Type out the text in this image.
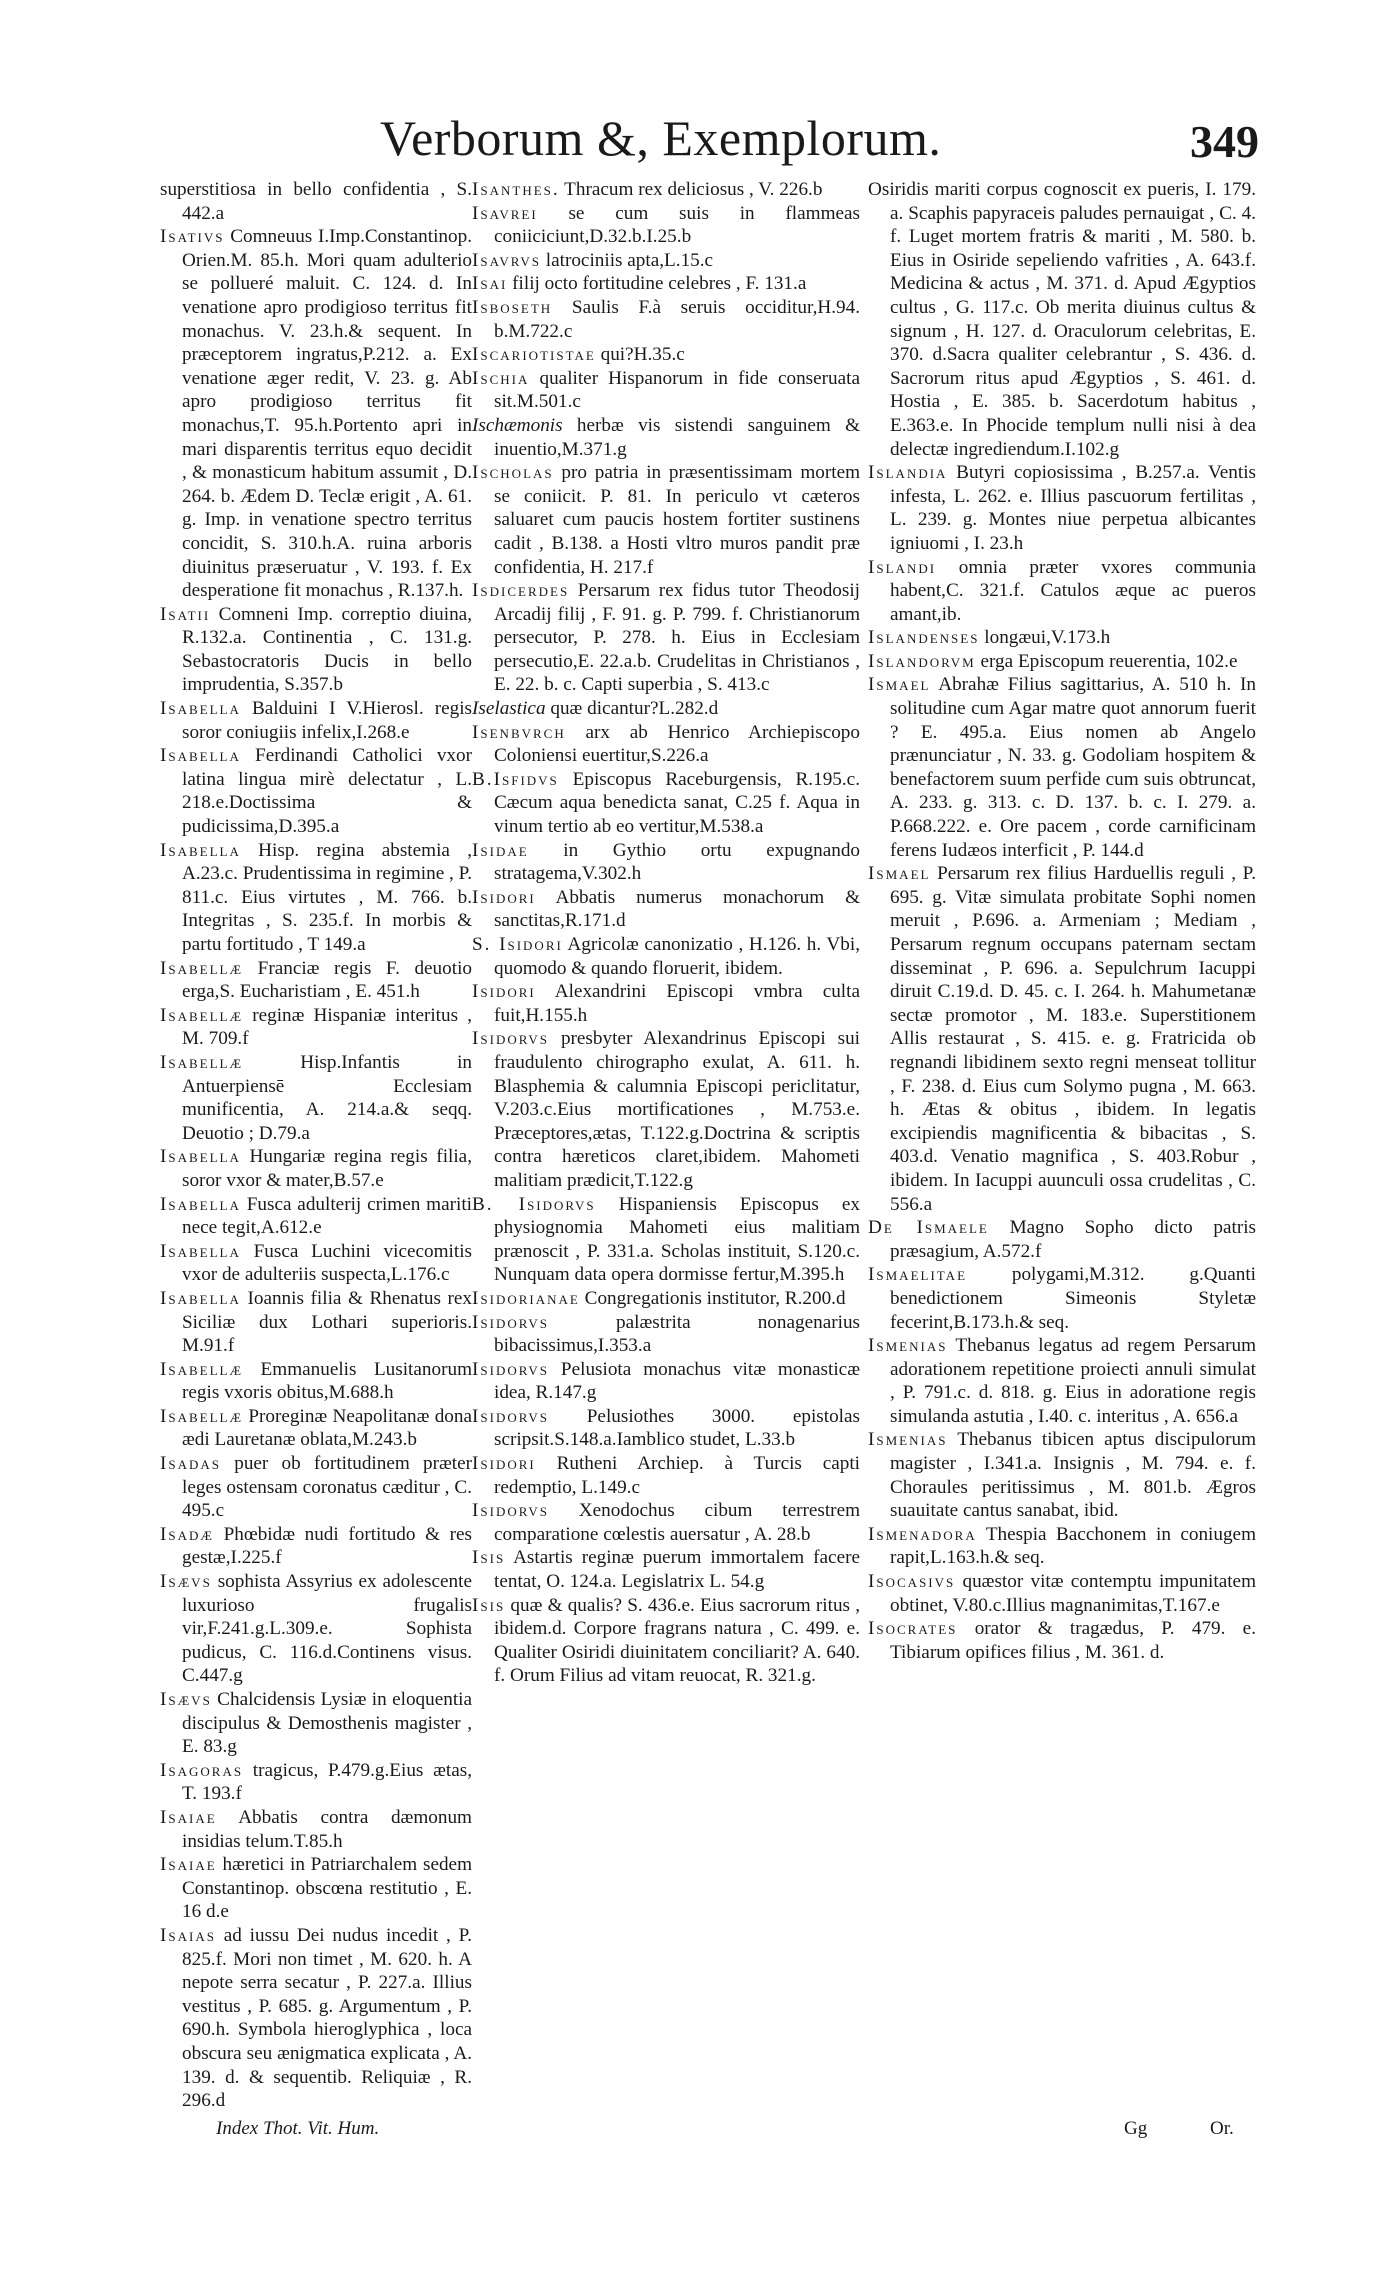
Verborum &, Exemplorum.	349

superstitiosa in bello confidentia , S. 442.a

Isativs Comneuus I.Imp.Constantinop. Orien.M. 85.h. Mori quam adulterio se pollueré maluit. C. 124. d. In venatione apro prodigioso territus fit monachus. V. 23.h.& sequent. In præceptorem ingratus,P.212. a. Ex venatione æger redit, V. 23. g. Ab apro prodigioso territus fit monachus,T. 95.h.Portento apri in mari disparentis territus equo decidit , & monasticum habitum assumit , D. 264. b. Ædem D. Teclæ erigit , A. 61. g. Imp. in venatione spectro territus concidit, S. 310.h.A. ruina arboris diuinitus præseruatur , V. 193. f. Ex desperatione fit monachus , R.137.h.

Isatii Comneni Imp. correptio diuina, R.132.a. Continentia , C. 131.g. Sebastocratoris Ducis in bello imprudentia, S.357.b

Isabella Balduini I V.Hierosl. regis soror coniugiis infelix,I.268.e

Isabella Ferdinandi Catholici vxor latina lingua mirè delectatur , L. 218.e.Doctissima & pudicissima,D.395.a

Isabella Hisp. regina abstemia , A.23.c. Prudentissima in regimine , P. 811.c. Eius virtutes , M. 766. b. Integritas , S. 235.f. In morbis & partu fortitudo , T 149.a

Isabellæ Franciæ regis F. deuotio erga,S. Eucharistiam , E. 451.h

Isabellæ reginæ Hispaniæ interitus , M. 709.f

Isabellæ	Hisp.Infantis in Antuerpiensē Ecclesiam munificentia, A. 214.a.& seqq. Deuotio ; D.79.a

Isabella Hungariæ regina regis filia, soror vxor & mater,B.57.e

Isabella Fusca adulterij crimen mariti nece tegit,A.612.e

Isabella Fusca Luchini vicecomitis vxor de adulteriis suspecta,L.176.c

Isabella Ioannis filia & Rhenatus rex Siciliæ dux Lothari superioris. M.91.f

Isabellæ Emmanuelis Lusitanorum regis vxoris obitus,M.688.h

Isabellæ Proreginæ Neapolitanæ dona ædi Lauretanæ oblata,M.243.b

Isadas puer ob fortitudinem præter leges ostensam coronatus cæditur , C. 495.c

Isadæ Phœbidæ nudi fortitudo & res gestæ,I.225.f

Isævs sophista Assyrius ex adolescente luxurioso frugalis vir,F.241.g.L.309.e. Sophista pudicus, C. 116.d.Continens visus. C.447.g

Isævs Chalcidensis Lysiæ in eloquentia discipulus & Demosthenis magister , E. 83.g

Isagoras tragicus, P.479.g.Eius ætas, T. 193.f

Isaiae Abbatis contra dæmonum insidias telum.T.85.h

Isaiae hæretici in Patriarchalem sedem Constantinop. obscœna restitutio , E. 16 d.e

Isaias ad iussu Dei nudus incedit , P. 825.f. Mori non timet , M. 620. h. A nepote serra secatur , P. 227.a. Illius vestitus , P. 685. g. Argumentum , P. 690.h. Symbola hieroglyphica , loca obscura seu ænigmatica explicata , A. 139. d. & sequentib. Reliquiæ , R. 296.d

Isanthes. Thracum rex deliciosus , V. 226.b

Isavrei se cum suis in flammeas coniiciciunt,D.32.b.I.25.b

Isavrvs latrociniis apta,L.15.c

Isai filij octo fortitudine celebres , F. 131.a

Isboseth Saulis F.à seruis occiditur,H.94. b.M.722.c

Iscariotistae qui?H.35.c

Ischia qualiter Hispanorum in fide conseruata sit.M.501.c

Ischæmonis herbæ vis sistendi sanguinem & inuentio,M.371.g

Ischolas pro patria in præsentissimam mortem se coniicit. P. 81. In periculo vt cæteros saluaret cum paucis hostem fortiter sustinens cadit , B.138. a Hosti vltro muros pandit præ confidentia, H. 217.f

Isdicerdes Persarum rex fidus tutor Theodosij Arcadij filij , F. 91. g. P. 799. f. Christianorum persecutor, P. 278. h. Eius in Ecclesiam persecutio,E. 22.a.b. Crudelitas in Christianos , E. 22. b. c. Capti superbia , S. 413.c

Iselastica quæ dicantur?L.282.d

Isenbvrch arx ab Henrico Archiepiscopo Coloniensi euertitur,S.226.a

B.Isfidvs Episcopus Raceburgensis, R.195.c. Cæcum aqua benedicta sanat, C.25 f. Aqua in vinum tertio ab eo vertitur,M.538.a

Isidae in Gythio ortu expugnando stratagema,V.302.h

Isidori Abbatis numerus monachorum & sanctitas,R.171.d

S. Isidori Agricolæ canonizatio , H.126. h. Vbi, quomodo & quando floruerit, ibidem.

Isidori Alexandrini Episcopi vmbra culta fuit,H.155.h

Isidorvs presbyter Alexandrinus Episcopi sui fraudulento chirographo exulat, A. 611. h. Blasphemia & calumnia Episcopi periclitatur, V.203.c.Eius mortificationes , M.753.e. Præceptores,ætas, T.122.g.Doctrina & scriptis contra hæreticos claret,ibidem. Mahometi malitiam prædicit,T.122.g

B. Isidorvs Hispaniensis Episcopus ex physiognomia Mahometi eius malitiam prænoscit , P. 331.a. Scholas instituit, S.120.c. Nunquam data opera dormisse fertur,M.395.h

Isidorianae Congregationis institutor, R.200.d

Isidorvs	palæstrita nonagenarius bibacissimus,I.353.a

Isidorvs Pelusiota monachus vitæ monasticæ idea, R.147.g

Isidorvs Pelusiothes 3000. epistolas scripsit.S.148.a.Iamblico studet, L.33.b

Isidori Rutheni Archiep. à Turcis capti redemptio, L.149.c

Isidorvs Xenodochus cibum terrestrem comparatione cœlestis auersatur , A. 28.b

Isis Astartis reginæ puerum immortalem facere tentat, O. 124.a. Legislatrix L. 54.g

Isis quæ & qualis? S. 436.e. Eius sacrorum ritus , ibidem.d. Corpore fragrans natura , C. 499. e. Qualiter Osiridi diuinitatem conciliarit? A. 640. f. Orum Filius ad vitam reuocat, R. 321.g.

Osiridis mariti corpus cognoscit ex pueris, I. 179. a. Scaphis papyraceis paludes pernauigat , C. 4. f. Luget mortem fratris & mariti , M. 580. b. Eius in Osiride sepeliendo vafrities , A. 643.f. Medicina & actus , M. 371. d. Apud Ægyptios cultus , G. 117.c. Ob merita diuinus cultus & signum , H. 127. d. Oraculorum celebritas, E. 370. d.Sacra qualiter celebrantur , S. 436. d. Sacrorum ritus apud Ægyptios , S. 461. d. Hostia , E. 385. b. Sacerdotum habitus , E.363.e. In Phocide templum nulli nisi à dea delectæ ingrediendum.I.102.g

Islandia Butyri copiosissima , B.257.a. Ventis infesta, L. 262. e. Illius pascuorum fertilitas , L. 239. g. Montes niue perpetua albicantes igniuomi , I. 23.h

Islandi omnia præter vxores communia habent,C. 321.f. Catulos æque ac pueros amant,ib.

Islandenses longæui,V.173.h

Islandorvm erga Episcopum reuerentia, 102.e

Ismael Abrahæ Filius sagittarius, A. 510 h. In solitudine cum Agar matre quot annorum fuerit ? E. 495.a. Eius nomen ab Angelo prænunciatur , N. 33. g. Godoliam hospitem & benefactorem suum perfide cum suis obtruncat, A. 233. g. 313. c. D. 137. b. c. I. 279. a. P.668.222. e. Ore pacem , corde carnificinam ferens Iudæos interficit , P. 144.d

Ismael Persarum rex filius Harduellis reguli , P. 695. g. Vitæ simulata probitate Sophi nomen meruit , P.696. a. Armeniam ; Mediam , Persarum regnum occupans paternam sectam disseminat , P. 696. a. Sepulchrum Iacuppi diruit C.19.d. D. 45. c. I. 264. h. Mahumetanæ sectæ promotor , M. 183.e. Superstitionem Allis restaurat , S. 415. e. g. Fratricida ob regnandi libidinem sexto regni menseat tollitur , F. 238. d. Eius cum Solymo pugna , M. 663. h. Ætas & obitus , ibidem. In legatis excipiendis magnificentia & bibacitas , S. 403.d. Venatio magnifica , S. 403.Robur , ibidem. In Iacuppi auunculi ossa crudelitas , C. 556.a

De Ismaele Magno Sopho dicto patris præsagium, A.572.f

Ismaelitae polygami,M.312. g.Quanti benedictionem Simeonis Styletæ fecerint,B.173.h.& seq.

Ismenias Thebanus legatus ad regem Persarum adorationem repetitione proiecti annuli simulat , P. 791.c. d. 818. g. Eius in adoratione regis simulanda astutia , I.40. c. interitus , A. 656.a

Ismenias Thebanus tibicen aptus discipulorum magister , I.341.a. Insignis , M. 794. e. f. Choraules peritissimus , M. 801.b. Ægros suauitate cantus sanabat, ibid.

Ismenadora Thespia Bacchonem in coniugem rapit,L.163.h.& seq.

Isocasivs quæstor vitæ contemptu impunitatem obtinet, V.80.c.Illius magnanimitas,T.167.e

Isocrates orator & tragædus, P. 479. e. Tibiarum opifices filius , M. 361. d.

Index Thot. Vit. Hum.	Gg	Or.
